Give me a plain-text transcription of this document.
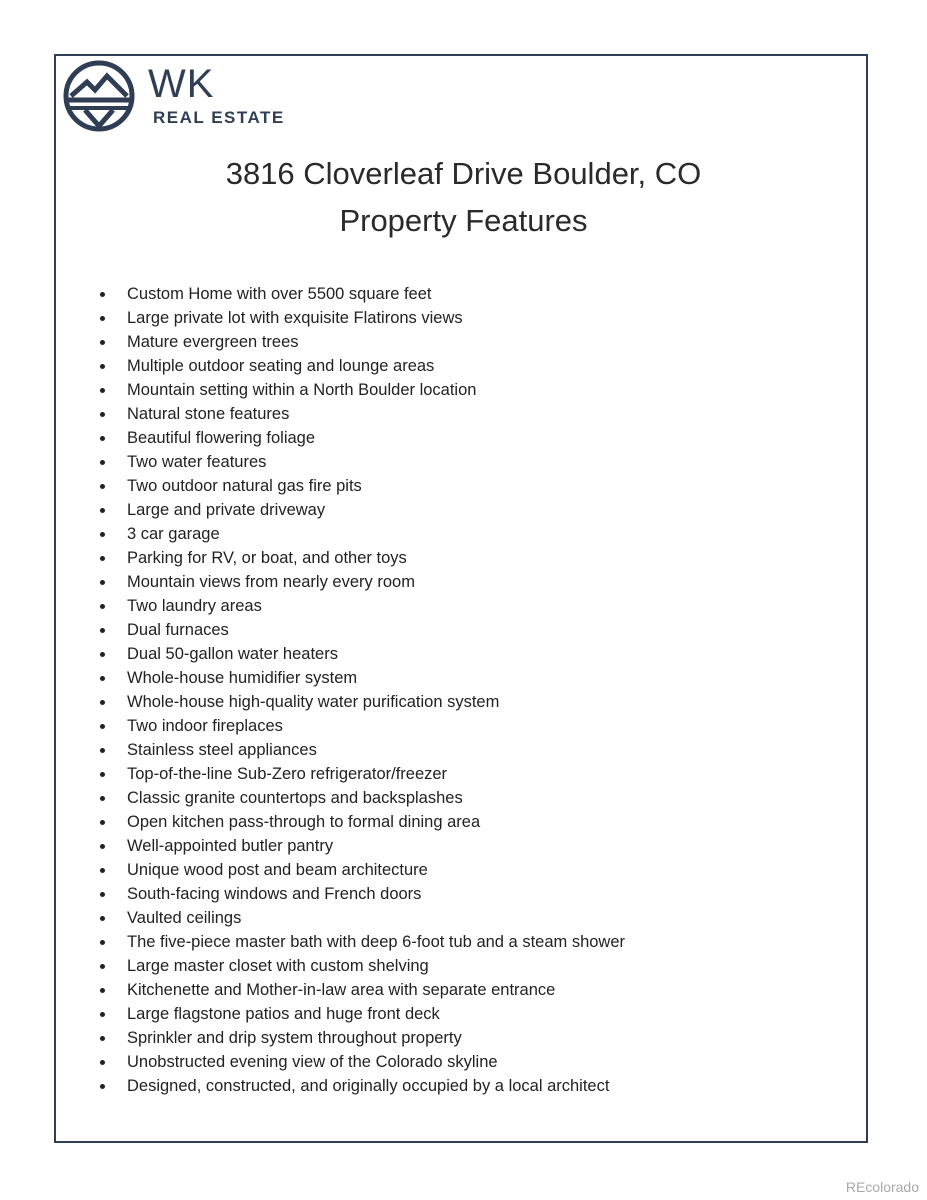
WK
REAL ESTATE
3816 Cloverleaf Drive Boulder, CO
Property Features
Custom Home with over 5500 square feet
Large private lot with exquisite Flatirons views
Mature evergreen trees
Multiple outdoor seating and lounge areas
Mountain setting within a North Boulder location
Natural stone features
Beautiful flowering foliage
Two water features
Two outdoor natural gas fire pits
Large and private driveway
3 car garage
Parking for RV, or boat, and other toys
Mountain views from nearly every room
Two laundry areas
Dual furnaces
Dual 50-gallon water heaters
Whole-house humidifier system
Whole-house high-quality water purification system
Two indoor fireplaces
Stainless steel appliances
Top-of-the-line Sub-Zero refrigerator/freezer
Classic granite countertops and backsplashes
Open kitchen pass-through to formal dining area
Well-appointed butler pantry
Unique wood post and beam architecture
South-facing windows and French doors
Vaulted ceilings
The five-piece master bath with deep 6-foot tub and a steam shower
Large master closet with custom shelving
Kitchenette and Mother-in-law area with separate entrance
Large flagstone patios and huge front deck
Sprinkler and drip system throughout property
Unobstructed evening view of the Colorado skyline
Designed, constructed, and originally occupied by a local architect
REcolorado
